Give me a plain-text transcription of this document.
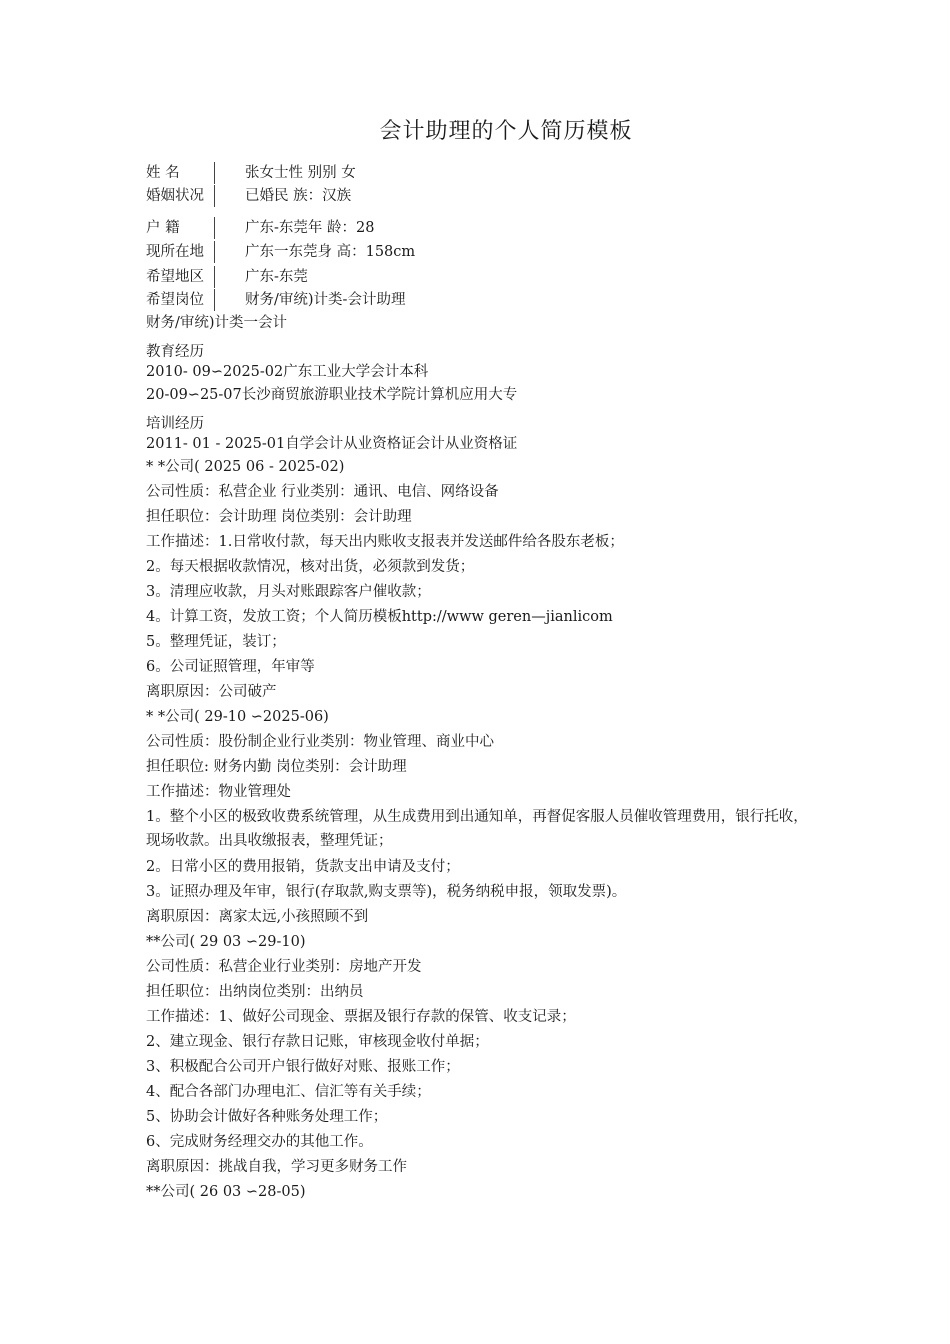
会计助理的个人简历模板
姓 名	张女士性 别别 女
婚姻状况	已婚民 族：汉族
户 籍	广东-东莞年 龄：28
现所在地	广东一东莞身 高：158cm
希望地区	广东-东莞
希望岗位	财务/审统)计类-会计助理
财务/审统)计类一会计
教育经历
2010- 09∽2025-02广东工业大学会计本科
20-09∽25-07长沙商贸旅游职业技术学院计算机应用大专
培训经历
2011- 01 - 2025-01自学会计从业资格证会计从业资格证
* *公司( 2025 06 - 2025-02)
公司性质：私营企业 行业类别：通讯、电信、网络设备
担任职位：会计助理 岗位类别：会计助理
工作描述：1.日常收付款，每天出内账收支报表并发送邮件给各股东老板；
2。每天根据收款情况，核对出货，必须款到发货；
3。清理应收款，月头对账跟踪客户催收款；
4。计算工资，发放工资；个人简历模板http://www geren—jianlicom
5。整理凭证，装订；
6。公司证照管理，年审等
离职原因：公司破产
* *公司( 29-10 ∽2025-06)
公司性质：股份制企业行业类别：物业管理、商业中心
担任职位: 财务内勤 岗位类别：会计助理
工作描述：物业管理处
1。整个小区的极致收费系统管理，从生成费用到出通知单，再督促客服人员催收管理费用，银行托收，现场收款。出具收缴报表，整理凭证；
2。日常小区的费用报销，货款支出申请及支付；
3。证照办理及年审，银行(存取款,购支票等)，税务纳税申报，领取发票)。
离职原因：离家太远,小孩照顾不到
**公司( 29 03 ∽29-10)
公司性质：私营企业行业类别：房地产开发
担任职位：出纳岗位类别：出纳员
工作描述：1、做好公司现金、票据及银行存款的保管、收支记录；
2、建立现金、银行存款日记账，审核现金收付单据；
3、积极配合公司开户银行做好对账、报账工作；
4、配合各部门办理电汇、信汇等有关手续；
5、协助会计做好各种账务处理工作；
6、完成财务经理交办的其他工作。
离职原因：挑战自我，学习更多财务工作
**公司( 26 03 ∽28-05)
